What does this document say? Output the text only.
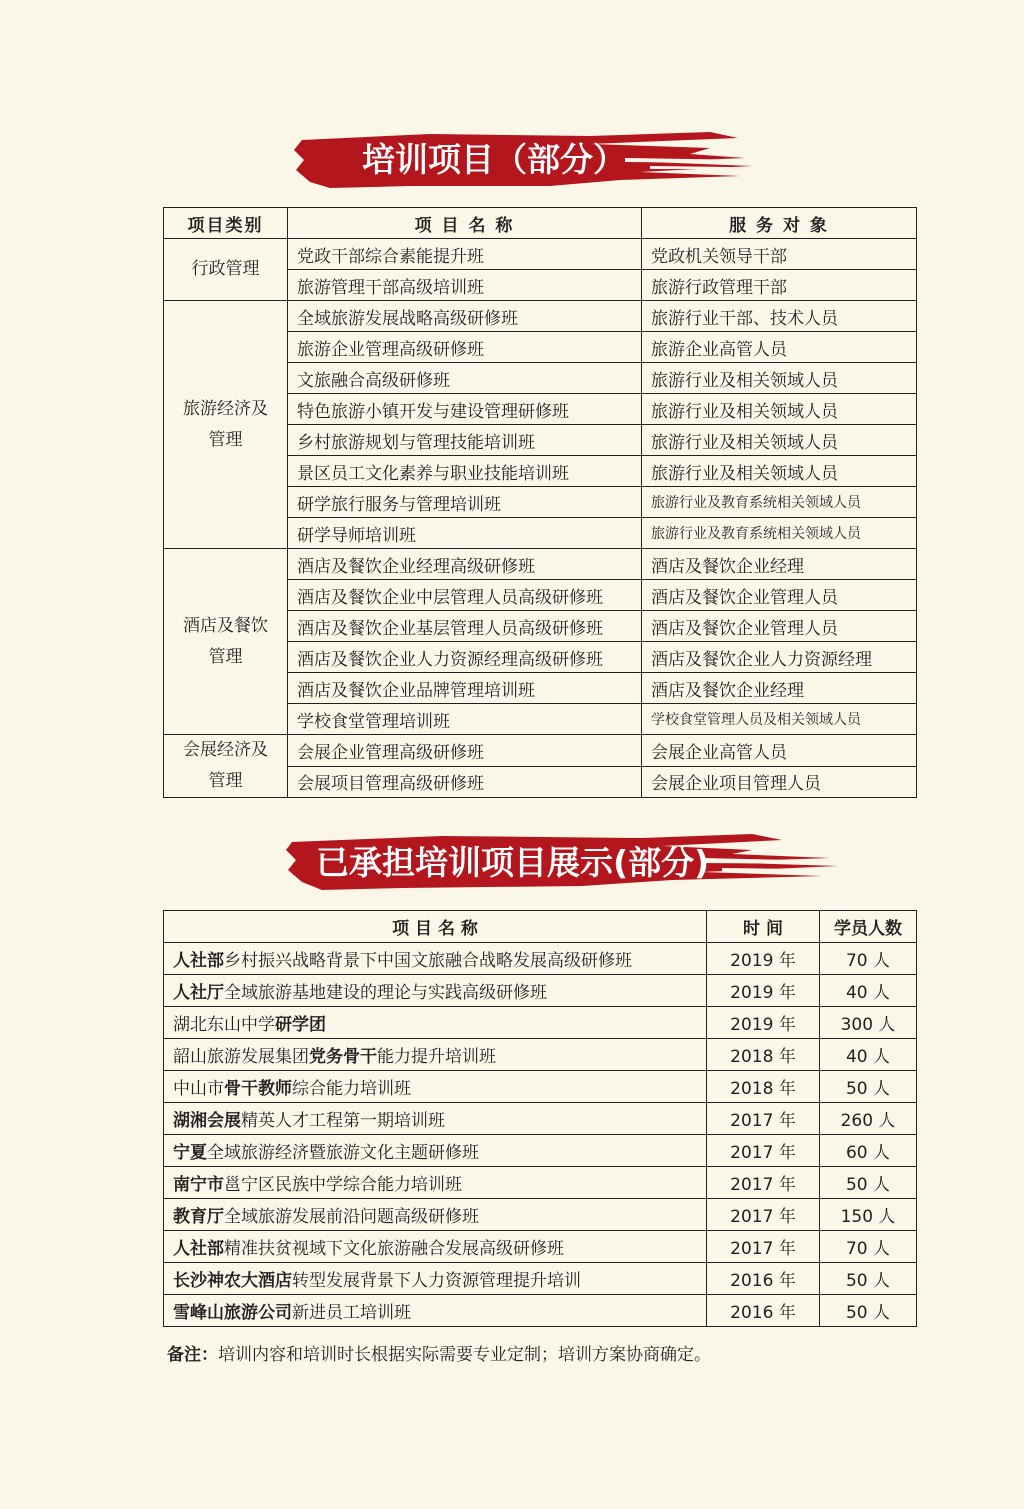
培训项目（部分）
项目类别	项 目 名 称	服 务 对 象

行政管理	党政干部综合素能提升班	党政机关领导干部
	旅游管理干部高级培训班	旅游行政管理干部

旅游经济及管理	全域旅游发展战略高级研修班	旅游行业干部、技术人员
	旅游企业管理高级研修班	旅游企业高管人员
	文旅融合高级研修班	旅游行业及相关领域人员
	特色旅游小镇开发与建设管理研修班	旅游行业及相关领域人员
	乡村旅游规划与管理技能培训班	旅游行业及相关领域人员
	景区员工文化素养与职业技能培训班	旅游行业及相关领域人员
	研学旅行服务与管理培训班	旅游行业及教育系统相关领域人员
	研学导师培训班	旅游行业及教育系统相关领域人员

酒店及餐饮管理	酒店及餐饮企业经理高级研修班	酒店及餐饮企业经理
	酒店及餐饮企业中层管理人员高级研修班	酒店及餐饮企业管理人员
	酒店及餐饮企业基层管理人员高级研修班	酒店及餐饮企业管理人员
	酒店及餐饮企业人力资源经理高级研修班	酒店及餐饮企业人力资源经理
	酒店及餐饮企业品牌管理培训班	酒店及餐饮企业经理
	学校食堂管理培训班	学校食堂管理人员及相关领域人员

会展经济及管理	会展企业管理高级研修班	会展企业高管人员
	会展项目管理高级研修班	会展企业项目管理人员
已承担培训项目展示(部分)
项 目 名 称	时 间	学员人数
人社部乡村振兴战略背景下中国文旅融合战略发展高级研修班	2019 年	70 人
人社厅全域旅游基地建设的理论与实践高级研修班	2019 年	40 人
湖北东山中学研学团	2019 年	300 人
韶山旅游发展集团党务骨干能力提升培训班	2018 年	40 人
中山市骨干教师综合能力培训班	2018 年	50 人
湖湘会展精英人才工程第一期培训班	2017 年	260 人
宁夏全域旅游经济暨旅游文化主题研修班	2017 年	60 人
南宁市邕宁区民族中学综合能力培训班	2017 年	50 人
教育厅全域旅游发展前沿问题高级研修班	2017 年	150 人
人社部精准扶贫视域下文化旅游融合发展高级研修班	2017 年	70 人
长沙神农大酒店转型发展背景下人力资源管理提升培训	2016 年	50 人
雪峰山旅游公司新进员工培训班	2016 年	50 人
备注：培训内容和培训时长根据实际需要专业定制；培训方案协商确定。
